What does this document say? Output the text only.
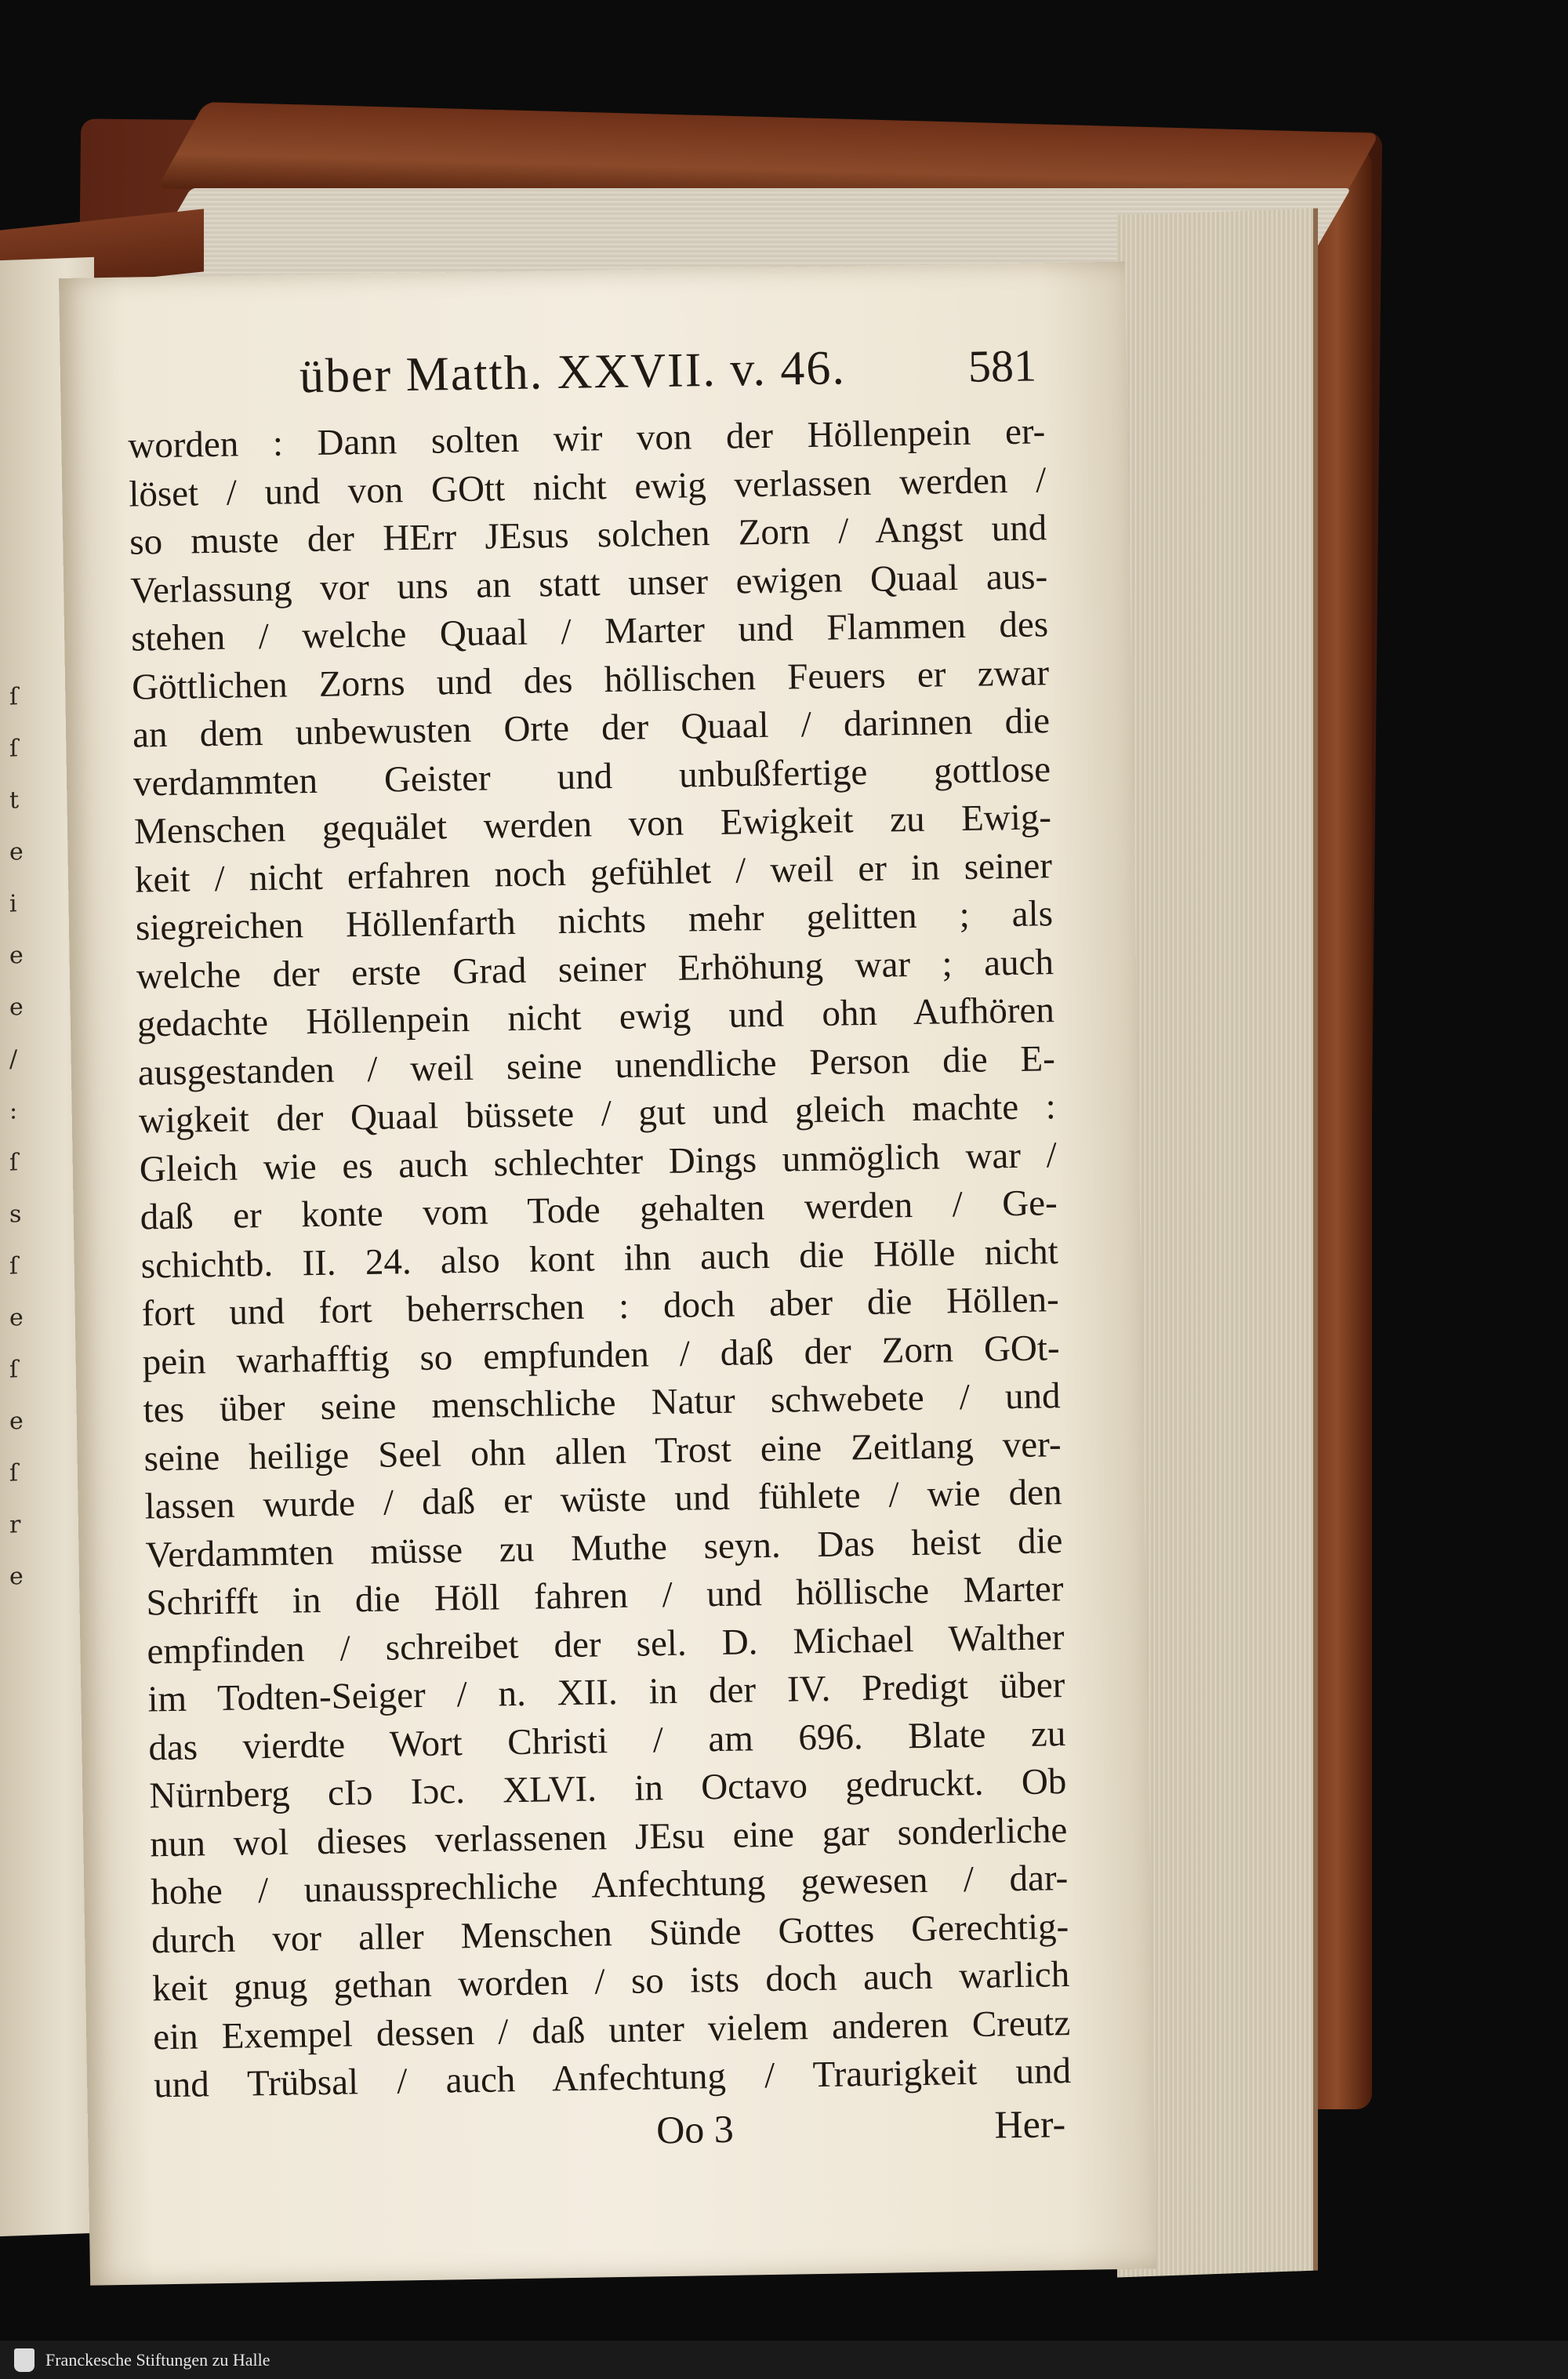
ſ
ſ
t
e
i
e
e
/
:
ſ
s
ſ
e
ſ
e
ſ
r
e
über Matth. XXVII. v. 46.	581
worden : Dann solten wir von der Höllenpein er-
löset / und von GOtt nicht ewig verlassen werden /
so muste der HErr JEsus solchen Zorn / Angst und
Verlassung vor uns an statt unser ewigen Quaal aus-
stehen / welche Quaal / Marter und Flammen des
Göttlichen Zorns und des höllischen Feuers er zwar
an dem unbewusten Orte der Quaal / darinnen die
verdammten Geister und unbußfertige gottlose
Menschen gequälet werden von Ewigkeit zu Ewig-
keit / nicht erfahren noch gefühlet / weil er in seiner
siegreichen Höllenfarth nichts mehr gelitten ; als
welche der erste Grad seiner Erhöhung war ; auch
gedachte Höllenpein nicht ewig und ohn Aufhören
ausgestanden / weil seine unendliche Person die E-
wigkeit der Quaal büssete / gut und gleich machte :
Gleich wie es auch schlechter Dings unmöglich war /
daß er konte vom Tode gehalten werden / Ge-
schichtb. II. 24. also kont ihn auch die Hölle nicht
fort und fort beherrschen : doch aber die Höllen-
pein warhafftig so empfunden / daß der Zorn GOt-
tes über seine menschliche Natur schwebete / und
seine heilige Seel ohn allen Trost eine Zeitlang ver-
lassen wurde / daß er wüste und fühlete / wie den
Verdammten müsse zu Muthe seyn. Das heist die
Schrifft in die Höll fahren / und höllische Marter
empfinden / schreibet der sel. D. Michael Walther
im Todten-Seiger / n. XII. in der IV. Predigt über
das vierdte Wort Christi / am 696. Blate zu
Nürnberg cIɔ Iɔc. XLVI. in Octavo gedruckt. Ob
nun wol dieses verlassenen JEsu eine gar sonderliche
hohe / unaussprechliche Anfechtung gewesen / dar-
durch vor aller Menschen Sünde Gottes Gerechtig-
keit gnug gethan worden / so ists doch auch warlich
ein Exempel dessen / daß unter vielem anderen Creutz
und Trübsal / auch Anfechtung / Traurigkeit und
Oo 3	Her-
Franckesche Stiftungen zu Halle
